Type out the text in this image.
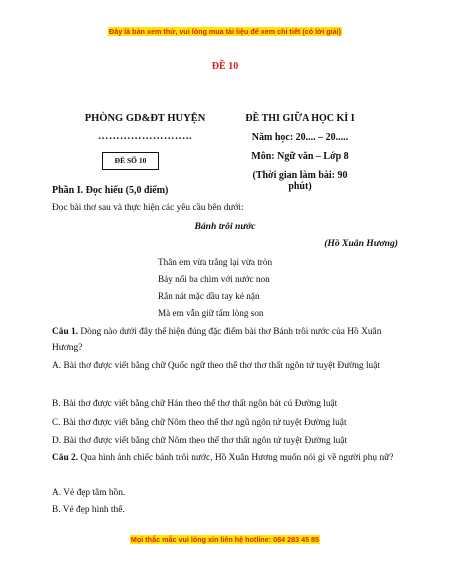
Đây là bản xem thử, vui lòng mua tài liệu để xem chi tiết (có lời giải)
ĐỀ 10
PHÒNG GD&ĐT HUYỆN
……………………..
ĐỀ SỐ 10
ĐỀ THI GIỮA HỌC KÌ I
Năm học: 20.... – 20.....
Môn: Ngữ văn – Lớp 8
(Thời gian làm bài: 90 phút)
Phần I. Đọc hiểu (5,0 điểm)
Đọc bài thơ sau và thực hiện các yêu cầu bên dưới:
Bánh trôi nước
(Hồ Xuân Hương)
Thân em vừa trắng lại vừa tròn
Bảy nổi ba chìm với nước non
Rắn nát mặc dầu tay kẻ nặn
Mà em vẫn giữ tấm lòng son
Câu 1. Dòng nào dưới đây thể hiện đúng đặc điểm bài thơ Bánh trôi nước của Hồ Xuân Hương?
A. Bài thơ được viết bằng chữ Quốc ngữ theo thể thơ thơ thất ngôn tứ tuyệt Đường luật
B. Bài thơ được viết bằng chữ Hán theo thể thơ thất ngôn bát cú Đường luật
C. Bài thơ được viết bằng chữ Nôm theo thể thơ ngũ ngôn tứ tuyệt Đường luật
D. Bài thơ được viết bằng chữ Nôm theo thể thơ thất ngôn tứ tuyệt Đường luật
Câu 2. Qua hình ảnh chiếc bánh trôi nước, Hồ Xuân Hương muốn nói gì về người phụ nữ?
A. Vẻ đẹp tâm hồn.
B. Vẻ đẹp hình thể.
Mọi thắc mắc vui lòng xin liên hệ hotline: 084 283 45 85
